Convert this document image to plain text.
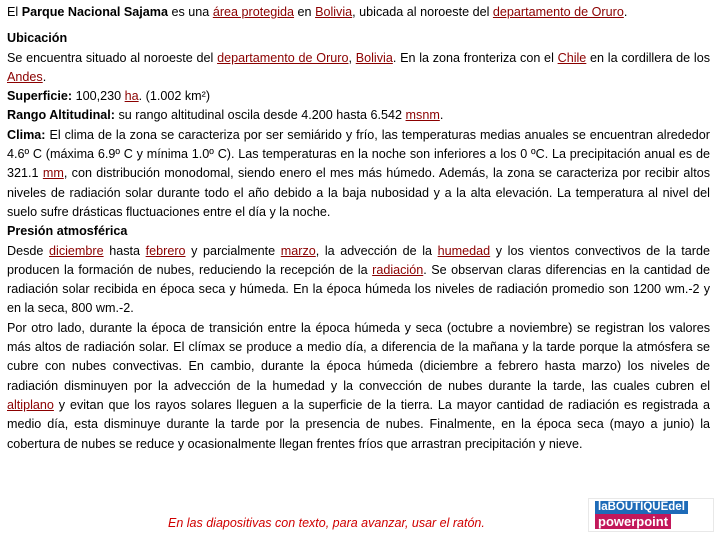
El Parque Nacional Sajama es una área protegida en Bolivia, ubicada al noroeste del departamento de Oruro.

Ubicación

Se encuentra situado al noroeste del departamento de Oruro, Bolivia. En la zona fronteriza con el Chile en la cordillera de los Andes.

Superficie: 100,230 ha. (1.002 km²)

Rango Altitudinal: su rango altitudinal oscila desde 4.200 hasta 6.542 msnm.

Clima: El clima de la zona se caracteriza por ser semiárido y frío, las temperaturas medias anuales se encuentran alrededor 4.6º C (máxima 6.9º C y mínima 1.0º C). Las temperaturas en la noche son inferiores a los 0 ºC. La precipitación anual es de 321.1 mm, con distribución monodomal, siendo enero el mes más húmedo. Además, la zona se caracteriza por recibir altos niveles de radiación solar durante todo el año debido a la baja nubosidad y a la alta elevación. La temperatura al nivel del suelo sufre drásticas fluctuaciones entre el día y la noche.

Presión atmosférica

Desde diciembre hasta febrero y parcialmente marzo, la advección de la humedad y los vientos convectivos de la tarde producen la formación de nubes, reduciendo la recepción de la radiación. Se observan claras diferencias en la cantidad de radiación solar recibida en época seca y húmeda. En la época húmeda los niveles de radiación promedio son 1200 wm.-2 y en la seca, 800 wm.-2.

Por otro lado, durante la época de transición entre la época húmeda y seca (octubre a noviembre) se registran los valores más altos de radiación solar. El clímax se produce a medio día, a diferencia de la mañana y la tarde porque la atmósfera se cubre con nubes convectivas. En cambio, durante la época húmeda (diciembre a febrero hasta marzo) los niveles de radiación disminuyen por la advección de la humedad y la convección de nubes durante la tarde, las cuales cubren el altiplano y evitan que los rayos solares lleguen a la superficie de la tierra. La mayor cantidad de radiación es registrada a medio día, esta disminuye durante la tarde por la presencia de nubes. Finalmente, en la época seca (mayo a junio) la cobertura de nubes se reduce y ocasionalmente llegan frentes fríos que arrastran precipitación y nieve.

En las diapositivas con texto, para avanzar, usar el ratón.
laBOUTIQUEdel
powerpoint
